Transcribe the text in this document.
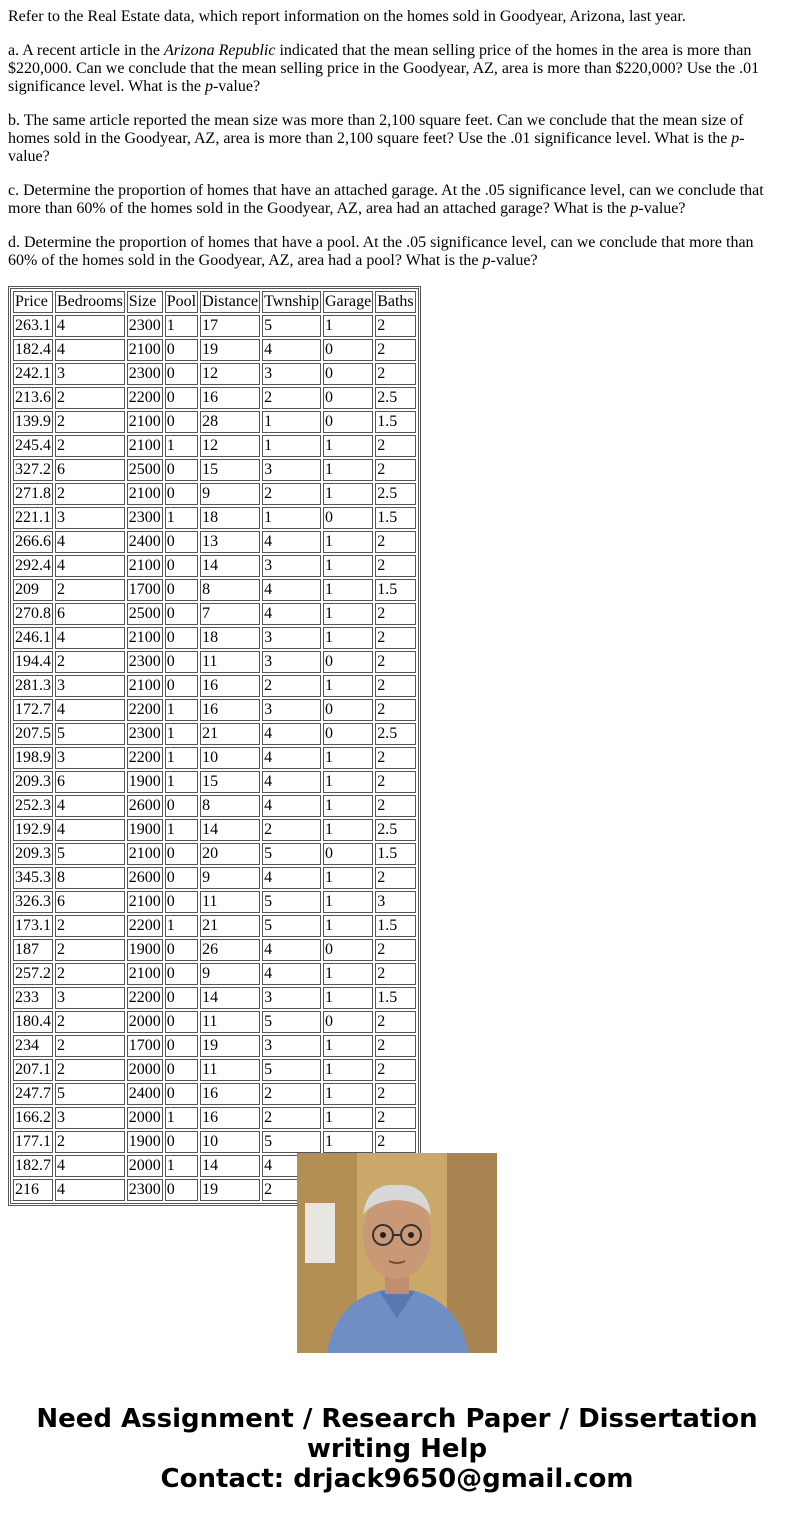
Refer to the Real Estate data, which report information on the homes sold in Goodyear, Arizona, last year.

a. A recent article in the Arizona Republic indicated that the mean selling price of the homes in the area is more than $220,000. Can we conclude that the mean selling price in the Goodyear, AZ, area is more than $220,000? Use the .01 significance level. What is the p-value?

b. The same article reported the mean size was more than 2,100 square feet. Can we conclude that the mean size of homes sold in the Goodyear, AZ, area is more than 2,100 square feet? Use the .01 significance level. What is the p-value?

c. Determine the proportion of homes that have an attached garage. At the .05 significance level, can we conclude that more than 60% of the homes sold in the Goodyear, AZ, area had an attached garage? What is the p-value?

d. Determine the proportion of homes that have a pool. At the .05 significance level, can we conclude that more than 60% of the homes sold in the Goodyear, AZ, area had a pool? What is the p-value?

Price	Bedrooms	Size	Pool	Distance	Twnship	Garage	Baths
263.1	4	2300	1	17	5	1	2
182.4	4	2100	0	19	4	0	2
242.1	3	2300	0	12	3	0	2
213.6	2	2200	0	16	2	0	2.5
139.9	2	2100	0	28	1	0	1.5
245.4	2	2100	1	12	1	1	2
327.2	6	2500	0	15	3	1	2
271.8	2	2100	0	9	2	1	2.5
221.1	3	2300	1	18	1	0	1.5
266.6	4	2400	0	13	4	1	2
292.4	4	2100	0	14	3	1	2
209	2	1700	0	8	4	1	1.5
270.8	6	2500	0	7	4	1	2
246.1	4	2100	0	18	3	1	2
194.4	2	2300	0	11	3	0	2
281.3	3	2100	0	16	2	1	2
172.7	4	2200	1	16	3	0	2
207.5	5	2300	1	21	4	0	2.5
198.9	3	2200	1	10	4	1	2
209.3	6	1900	1	15	4	1	2
252.3	4	2600	0	8	4	1	2
192.9	4	1900	1	14	2	1	2.5
209.3	5	2100	0	20	5	0	1.5
345.3	8	2600	0	9	4	1	2
326.3	6	2100	0	11	5	1	3
173.1	2	2200	1	21	5	1	1.5
187	2	1900	0	26	4	0	2
257.2	2	2100	0	9	4	1	2
233	3	2200	0	14	3	1	1.5
180.4	2	2000	0	11	5	0	2
234	2	1700	0	19	3	1	2
207.1	2	2000	0	11	5	1	2
247.7	5	2400	0	16	2	1	2
166.2	3	2000	1	16	2	1	2
177.1	2	1900	0	10	5	1	2
182.7	4	2000	1	14	4		
216	4	2300	0	19	2		
Need Assignment / Research Paper / Dissertation
writing Help
Contact: drjack9650@gmail.com
